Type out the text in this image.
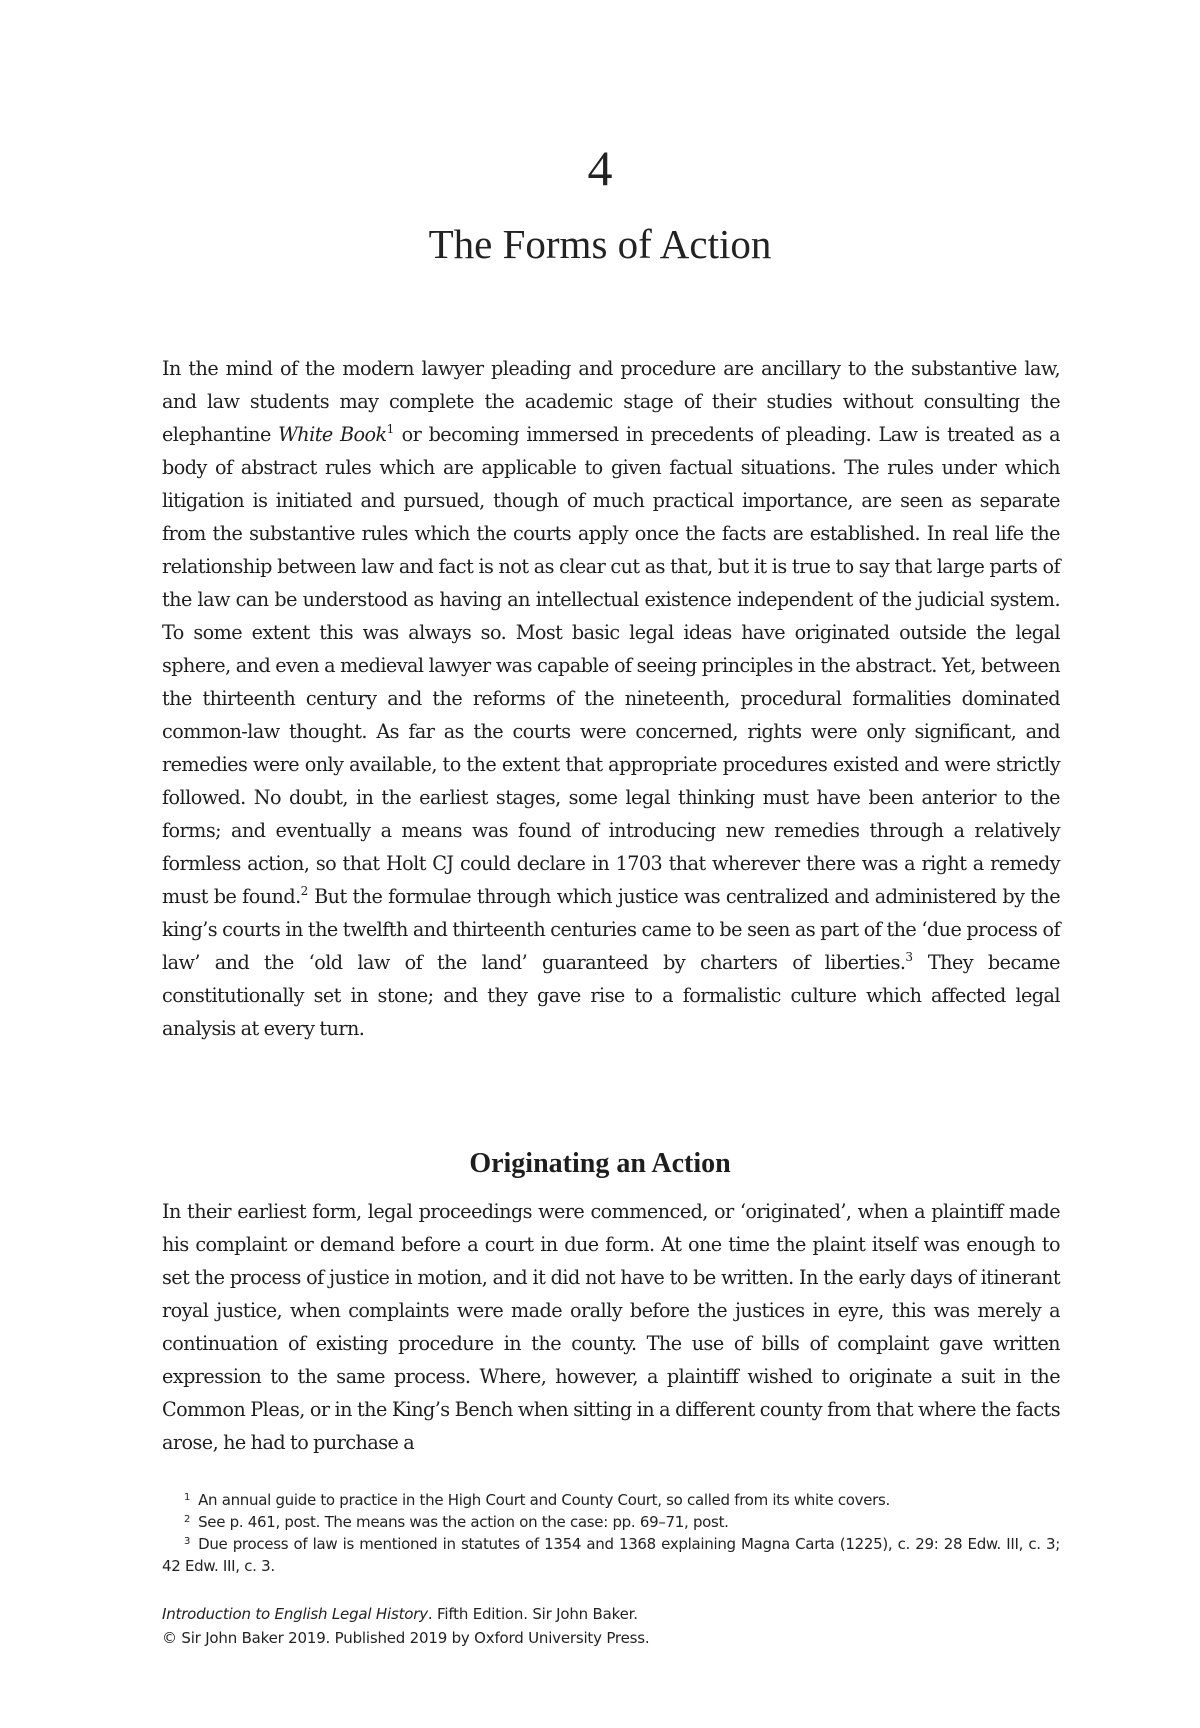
4
The Forms of Action

In the mind of the modern lawyer pleading and procedure are ancillary to the substantive law, and law students may complete the academic stage of their studies without consulting the elephantine White Book$^1$ or becoming immersed in precedents of pleading. Law is treated as a body of abstract rules which are applicable to given factual situations. The rules under which litigation is initiated and pursued, though of much practical importance, are seen as separate from the substantive rules which the courts apply once the facts are established. In real life the relationship between law and fact is not as clear cut as that, but it is true to say that large parts of the law can be understood as having an intellectual existence independent of the judicial system. To some extent this was always so. Most basic legal ideas have originated outside the legal sphere, and even a medieval lawyer was capable of seeing principles in the abstract. Yet, between the thirteenth century and the reforms of the nineteenth, procedural formalities dominated common-law thought. As far as the courts were concerned, rights were only significant, and remedies were only available, to the extent that appropriate procedures existed and were strictly followed. No doubt, in the earliest stages, some legal thinking must have been anterior to the forms; and eventually a means was found of introducing new remedies through a relatively formless action, so that Holt CJ could declare in 1703 that wherever there was a right a remedy must be found.$^2$ But the formulae through which justice was centralized and administered by the king’s courts in the twelfth and thirteenth centuries came to be seen as part of the ‘due process of law’ and the ‘old law of the land’ guaranteed by charters of liberties.$^3$ They became constitutionally set in stone; and they gave rise to a formalistic culture which affected legal analysis at every turn.

Originating an Action

In their earliest form, legal proceedings were commenced, or ‘originated’, when a plaintiff made his complaint or demand before a court in due form. At one time the plaint itself was enough to set the process of justice in motion, and it did not have to be written. In the early days of itinerant royal justice, when complaints were made orally before the justices in eyre, this was merely a continuation of existing procedure in the county. The use of bills of complaint gave written expression to the same process. Where, however, a plaintiff wished to originate a suit in the Common Pleas, or in the King’s Bench when sitting in a different county from that where the facts arose, he had to purchase a

$^1$ An annual guide to practice in the High Court and County Court, so called from its white covers.

$^2$ See p. 461, post. The means was the action on the case: pp. 69–71, post.

$^3$ Due process of law is mentioned in statutes of 1354 and 1368 explaining Magna Carta (1225), c. 29: 28 Edw. III, c. 3; 42 Edw. III, c. 3.

Introduction to English Legal History. Fifth Edition. Sir John Baker.
© Sir John Baker 2019. Published 2019 by Oxford University Press.
